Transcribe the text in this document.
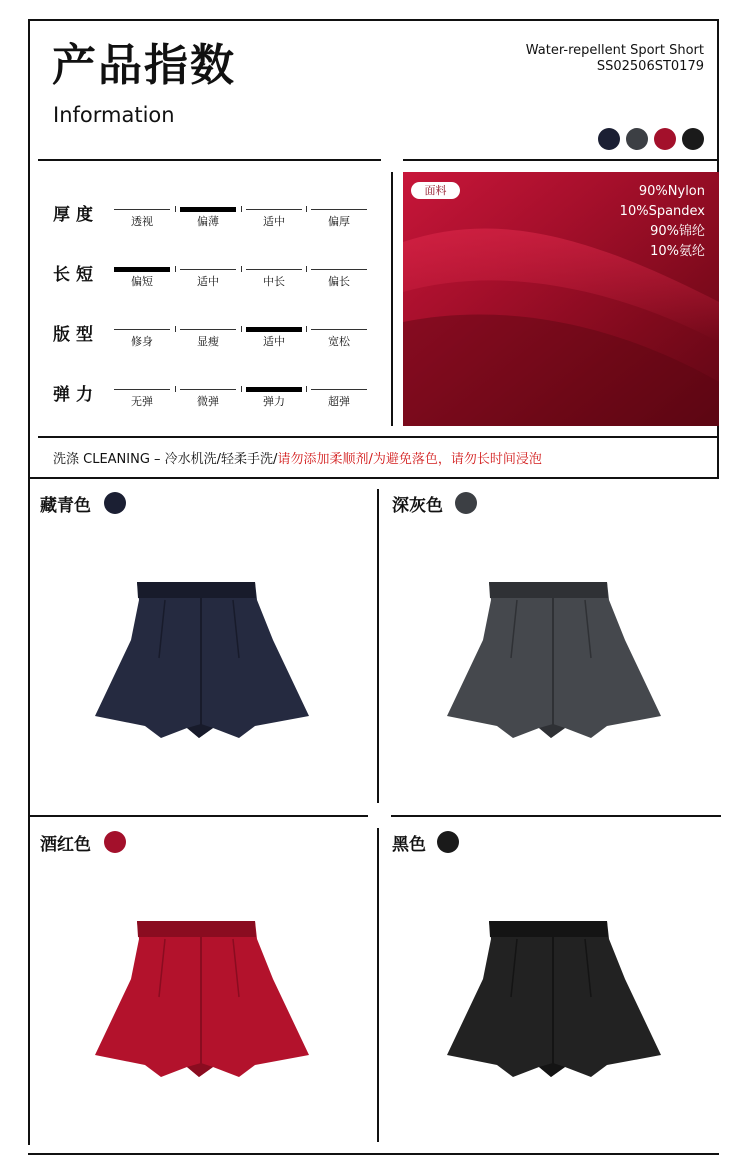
产品指数
Information
Water-repellent Sport Short
SS02506ST0179
厚度	透视	偏薄	适中	偏厚
长短	偏短	适中	中长	偏长
版型	修身	显瘦	适中	宽松
弹力	无弹	微弹	弹力	超弹
面料	90%Nylon
10%Spandex
90%锦纶
10%氨纶
洗涤 CLEANING – 冷水机洗/轻柔手洗/请勿添加柔顺剂/为避免落色，请勿长时间浸泡
藏青色	深灰色
酒红色	黑色
